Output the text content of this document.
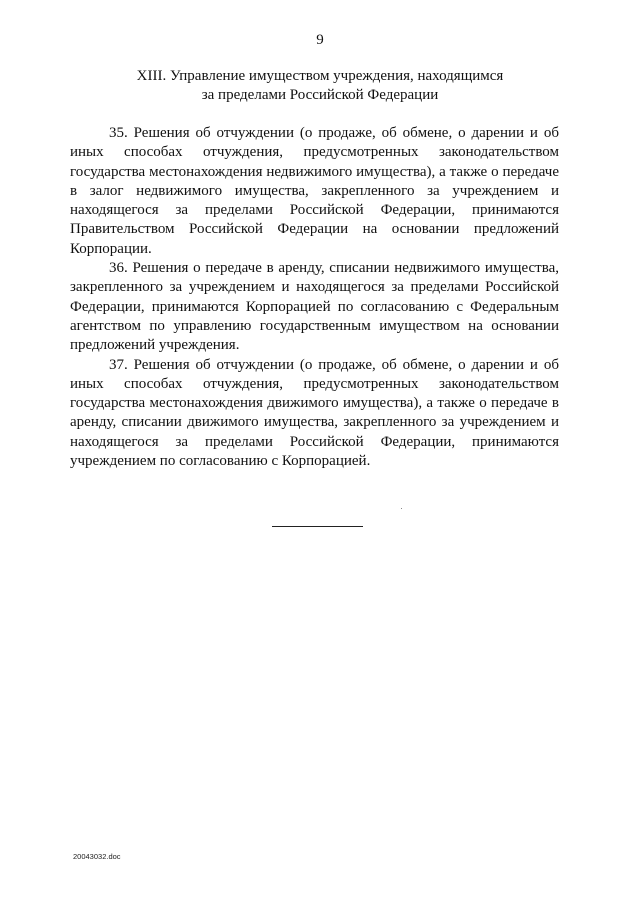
9
XIII. Управление имуществом учреждения, находящимся
за пределами Российской Федерации

35. Решения об отчуждении (о продаже, об обмене, о дарении и об иных способах отчуждения, предусмотренных законодательством государства местонахождения недвижимого имущества), а также о передаче в залог недвижимого имущества, закрепленного за учреждением и находящегося за пределами Российской Федерации, принимаются Правительством Российской Федерации на основании предложений Корпорации.

36. Решения о передаче в аренду, списании недвижимого имущества, закрепленного за учреждением и находящегося за пределами Российской Федерации, принимаются Корпорацией по согласованию с Федеральным агентством по управлению государственным имуществом на основании предложений учреждения.

37. Решения об отчуждении (о продаже, об обмене, о дарении и об иных способах отчуждения, предусмотренных законодательством государства местонахождения движимого имущества), а также о передаче в аренду, списании движимого имущества, закрепленного за учреждением и находящегося за пределами Российской Федерации, принимаются учреждением по согласованию с Корпорацией.

20043032.doc
